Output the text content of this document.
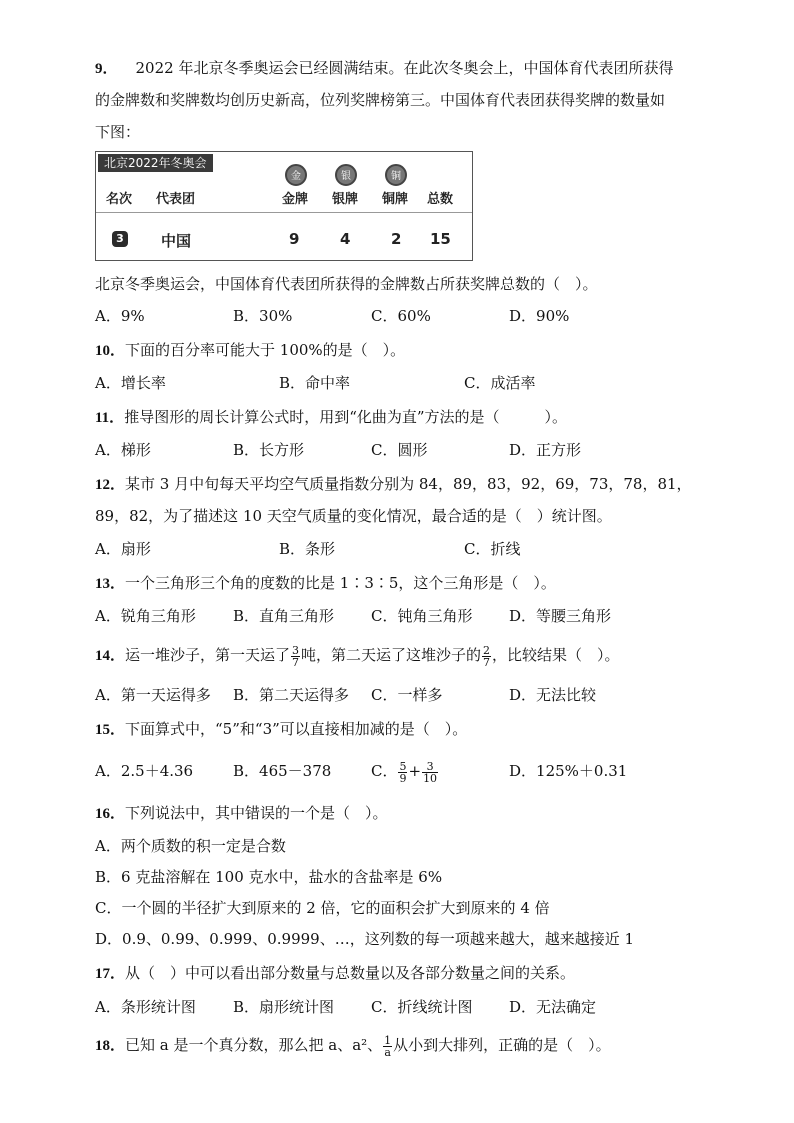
9． 2022 年北京冬季奥运会已经圆满结束。在此次冬奥会上，中国体育代表团所获得
的金牌数和奖牌数均创历史新高，位列奖牌榜第三。中国体育代表团获得奖牌的数量如
下图：
北京2022年冬奥会
名次 代表团
金	银	铜
金牌 银牌 铜牌 总数
3 中国	9	4	2 15
北京冬季奥运会，中国体育代表团所获得的金牌数占所获奖牌总数的（　）。
A．9%	B．30%	C．60%	D．90%
10．下面的百分率可能大于 100%的是（　）。
A．增长率	B．命中率	C．成活率
11．推导图形的周长计算公式时，用到“化曲为直”方法的是（　　　）。
A．梯形	B．长方形	C．圆形	D．正方形
12．某市 3 月中旬每天平均空气质量指数分别为 84，89，83，92，69，73，78，81，
89，82，为了描述这 10 天空气质量的变化情况，最合适的是（　）统计图。
A．扇形	B．条形	C．折线
13．一个三角形三个角的度数的比是 1∶3∶5，这个三角形是（　）。
A．锐角三角形 B．直角三角形 C．钝角三角形 D．等腰三角形
14．运一堆沙子，第一天运了 $\frac{3}{7}$ 吨，第二天运了这堆沙子的 $\frac{2}{7}$ ，比较结果（　）。
A．第一天运得多 B．第二天运得多 C．一样多	D．无法比较
15．下面算式中，“5”和“3”可以直接相加减的是（　）。
A．2.5＋4.36	B．465－378	C． $\frac{5}{9} + \frac{3}{10}$	D．125%＋0.31
16．下列说法中，其中错误的一个是（　）。
A．两个质数的积一定是合数
B．6 克盐溶解在 100 克水中，盐水的含盐率是 6%
C．一个圆的半径扩大到原来的 2 倍，它的面积会扩大到原来的 4 倍
D．0.9、0.99、0.999、0.9999、…，这列数的每一项越来越大，越来越接近 1
17．从（　）中可以看出部分数量与总数量以及各部分数量之间的关系。
A．条形统计图 B．扇形统计图 C．折线统计图 D．无法确定
18．已知 a 是一个真分数，那么把 a、a²、 $\frac{1}{a}$ 从小到大排列，正确的是（　）。
